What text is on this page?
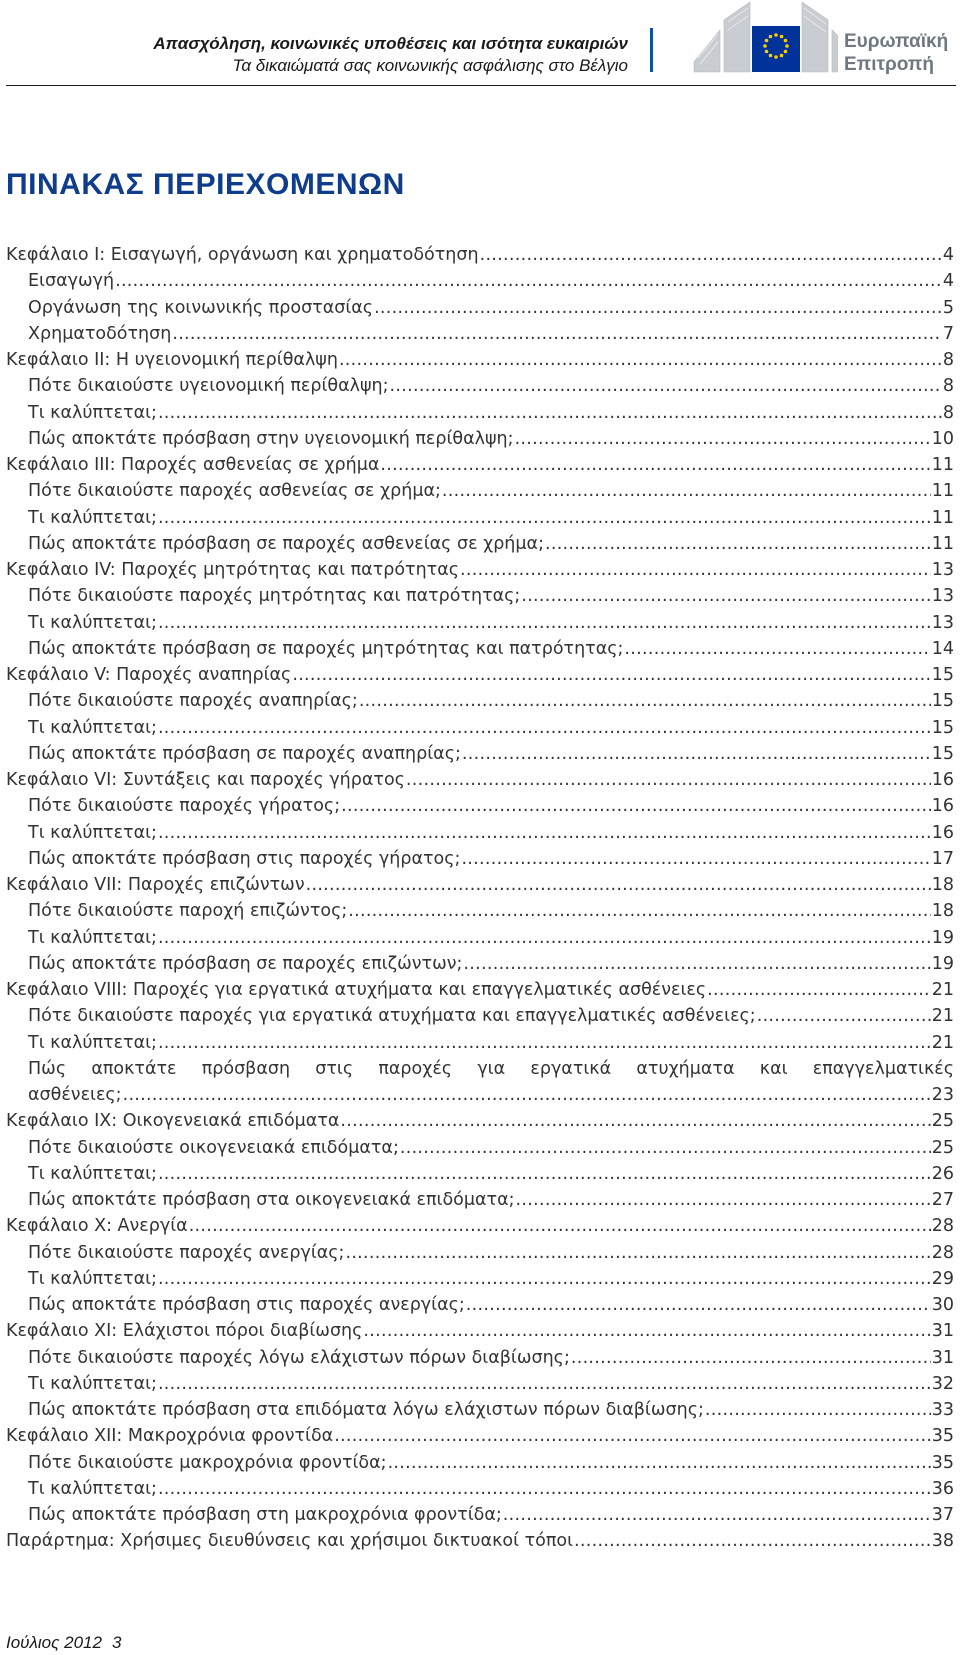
Απασχόληση, κοινωνικές υποθέσεις και ισότητα ευκαιριών
Τα δικαιώματά σας κοινωνικής ασφάλισης στο Βέλγιο
Ευρωπαϊκή
Επιτροπή
ΠΙΝΑΚΑΣ ΠΕΡΙΕΧΟΜΕΝΩΝ
Κεφάλαιο I: Εισαγωγή, οργάνωση και χρηματοδότηση .....	4
Εισαγωγή .....	4
Οργάνωση της κοινωνικής προστασίας .....	5
Χρηματοδότηση .....	7
Κεφάλαιο II: Η υγειονομική περίθαλψη .....	8
Πότε δικαιούστε υγειονομική περίθαλψη; .....	8
Τι καλύπτεται; .....	8
Πώς αποκτάτε πρόσβαση στην υγειονομική περίθαλψη; .....	10
Κεφάλαιο III: Παροχές ασθενείας σε χρήμα .....	11
Πότε δικαιούστε παροχές ασθενείας σε χρήμα; .....	11
Τι καλύπτεται; .....	11
Πώς αποκτάτε πρόσβαση σε παροχές ασθενείας σε χρήμα; .....	11
Κεφάλαιο IV: Παροχές μητρότητας και πατρότητας .....	13
Πότε δικαιούστε παροχές μητρότητας και πατρότητας; .....	13
Τι καλύπτεται; .....	13
Πώς αποκτάτε πρόσβαση σε παροχές μητρότητας και πατρότητας; .....	14
Κεφάλαιο V: Παροχές αναπηρίας .....	15
Πότε δικαιούστε παροχές αναπηρίας; .....	15
Τι καλύπτεται; .....	15
Πώς αποκτάτε πρόσβαση σε παροχές αναπηρίας; .....	15
Κεφάλαιο VI: Συντάξεις και παροχές γήρατος .....	16
Πότε δικαιούστε παροχές γήρατος; .....	16
Τι καλύπτεται; .....	16
Πώς αποκτάτε πρόσβαση στις παροχές γήρατος; .....	17
Κεφάλαιο VII: Παροχές επιζώντων .....	18
Πότε δικαιούστε παροχή επιζώντος; .....	18
Τι καλύπτεται; .....	19
Πώς αποκτάτε πρόσβαση σε παροχές επιζώντων; .....	19
Κεφάλαιο VIII: Παροχές για εργατικά ατυχήματα και επαγγελματικές ασθένειες .....	21
Πότε δικαιούστε παροχές για εργατικά ατυχήματα και επαγγελματικές ασθένειες; .....	21
Τι καλύπτεται; .....	21
Πώς αποκτάτε πρόσβαση στις παροχές για εργατικά ατυχήματα και επαγγελματικές
ασθένειες; .....	23
Κεφάλαιο IX: Οικογενειακά επιδόματα .....	25
Πότε δικαιούστε οικογενειακά επιδόματα; .....	25
Τι καλύπτεται; .....	26
Πώς αποκτάτε πρόσβαση στα οικογενειακά επιδόματα; .....	27
Κεφάλαιο X: Ανεργία .....	28
Πότε δικαιούστε παροχές ανεργίας; .....	28
Τι καλύπτεται; .....	29
Πώς αποκτάτε πρόσβαση στις παροχές ανεργίας; .....	30
Κεφάλαιο XI: Ελάχιστοι πόροι διαβίωσης .....	31
Πότε δικαιούστε παροχές λόγω ελάχιστων πόρων διαβίωσης; .....	31
Τι καλύπτεται; .....	32
Πώς αποκτάτε πρόσβαση στα επιδόματα λόγω ελάχιστων πόρων διαβίωσης; .....	33
Κεφάλαιο XII: Μακροχρόνια φροντίδα .....	35
Πότε δικαιούστε μακροχρόνια φροντίδα; .....	35
Τι καλύπτεται; .....	36
Πώς αποκτάτε πρόσβαση στη μακροχρόνια φροντίδα; .....	37
Παράρτημα: Χρήσιμες διευθύνσεις και χρήσιμοι δικτυακοί τόποι .....	38
Ιούλιος 2012 3
